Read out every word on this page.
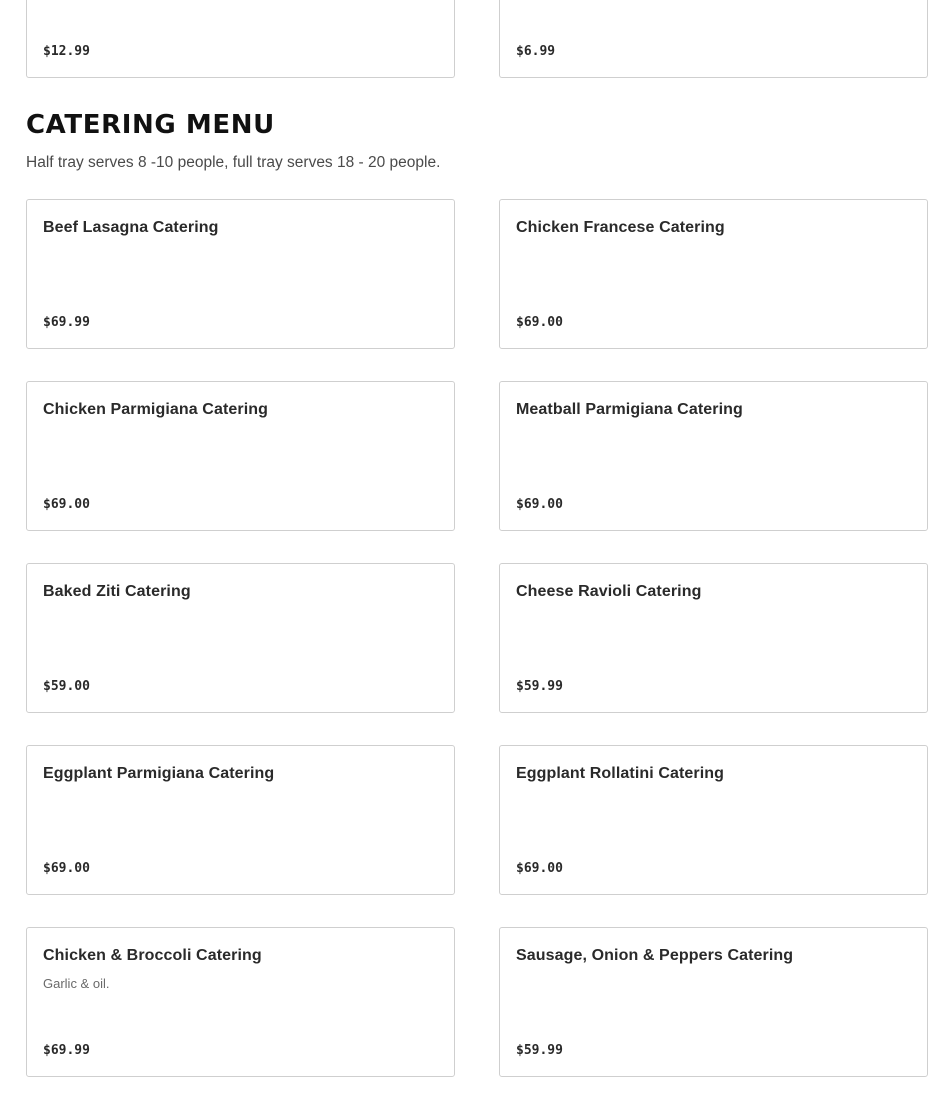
$12.99	$6.99
CATERING MENU

Half tray serves 8 -10 people, full tray serves 18 - 20 people.

Beef Lasagna Catering
$69.99
Chicken Francese Catering
$69.00
Chicken Parmigiana Catering
$69.00
Meatball Parmigiana Catering
$69.00
Baked Ziti Catering
$59.00
Cheese Ravioli Catering
$59.99
Eggplant Parmigiana Catering
$69.00
Eggplant Rollatini Catering
$69.00
Chicken & Broccoli Catering
Garlic & oil.
$69.99
Sausage, Onion & Peppers Catering
$59.99
